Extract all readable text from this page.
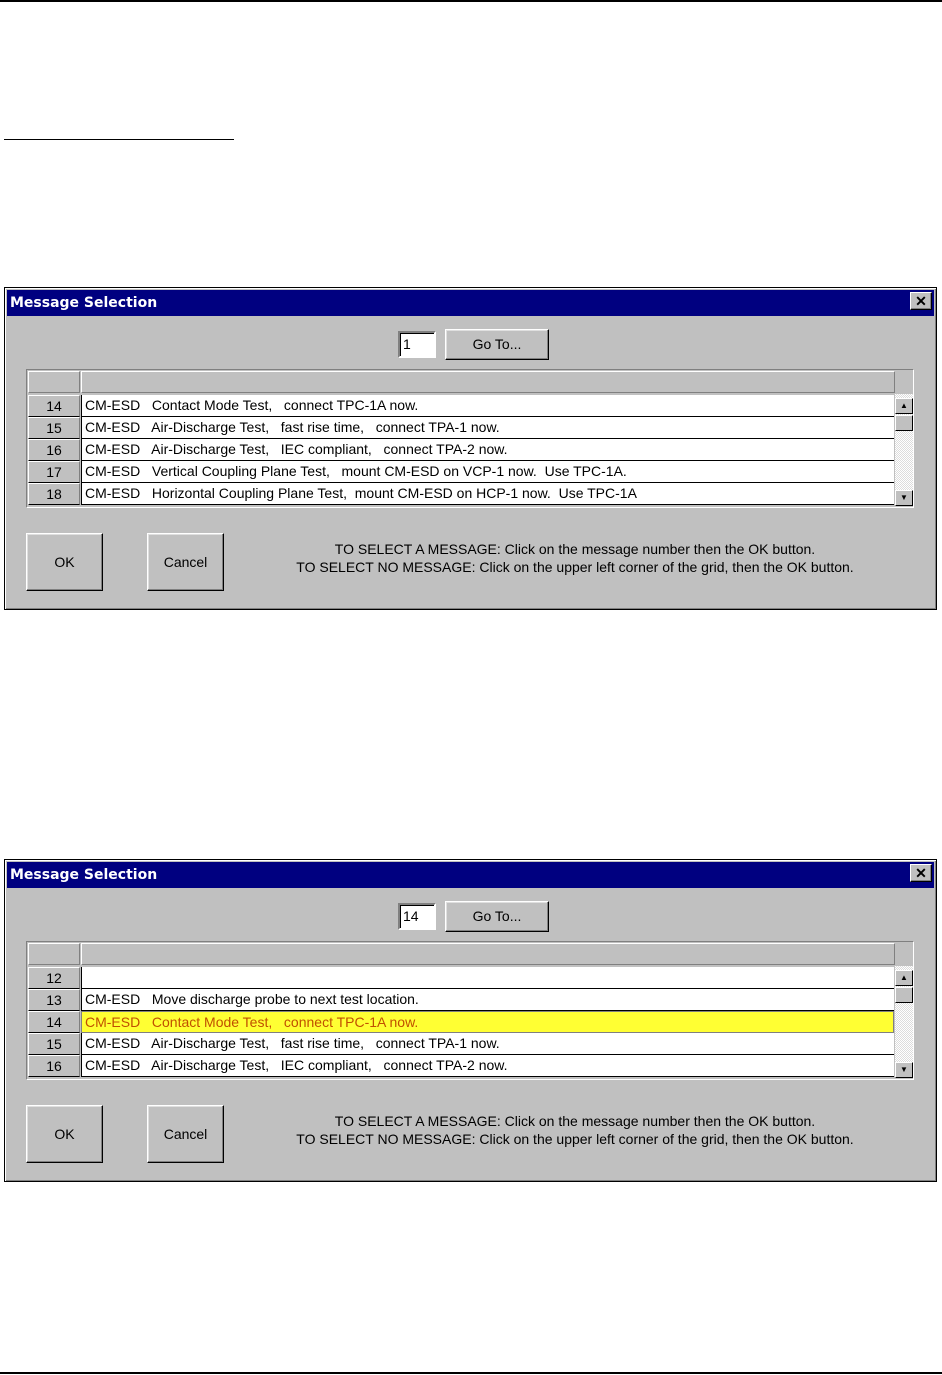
Message Selection	✕
1	Go To...
14	CM-ESD   Contact Mode Test,   connect TPC-1A now.
15	CM-ESD   Air-Discharge Test,   fast rise time,   connect TPA-1 now.
16	CM-ESD   Air-Discharge Test,   IEC compliant,   connect TPA-2 now.
17	CM-ESD   Vertical Coupling Plane Test,   mount CM-ESD on VCP-1 now.  Use TPC-1A.
18	CM-ESD   Horizontal Coupling Plane Test,  mount CM-ESD on HCP-1 now.  Use TPC-1A
▲
▼
OK	Cancel
TO SELECT A MESSAGE: Click on the message number then the OK button.
TO SELECT NO MESSAGE: Click on the upper left corner of the grid, then the OK button.
Message Selection	✕
14	Go To...
12
13	CM-ESD   Move discharge probe to next test location.
14	CM-ESD   Contact Mode Test,   connect TPC-1A now.
15	CM-ESD   Air-Discharge Test,   fast rise time,   connect TPA-1 now.
16	CM-ESD   Air-Discharge Test,   IEC compliant,   connect TPA-2 now.
▲
▼
OK	Cancel
TO SELECT A MESSAGE: Click on the message number then the OK button.
TO SELECT NO MESSAGE: Click on the upper left corner of the grid, then the OK button.
